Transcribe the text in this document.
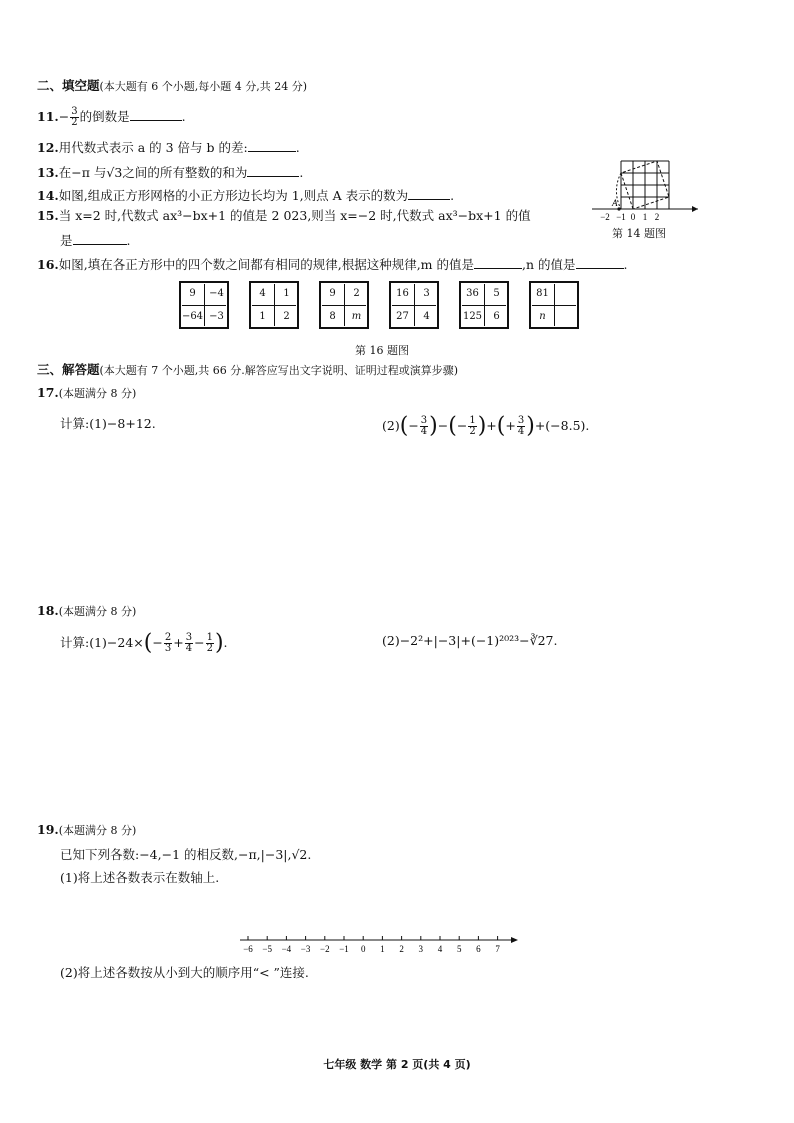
二、填空题(本大题有 6 个小题,每小题 4 分,共 24 分)
$11.- \frac{3}{2}$ 的倒数是	.
12.用代数式表示 a 的 3 倍与 b 的差:	.
13.在−π 与√3之间的所有整数的和为	.
14.如图,组成正方形网格的小正方形边长均为 1,则点 A 表示的数为	.
15.当 x=2 时,代数式 ax³−bx+1 的值是 2 023,则当 x=−2 时,代数式 ax³−bx+1 的值
是	.
A
−2 −1 0 1 2
第 14 题图
16.如图,填在各正方形中的四个数之间都有相同的规律,根据这种规律,m 的值是	,n 的值是	.
9	−4
−64 −3
4	1
1	2
9	2
8	m
16	3
27	4
36	5
125	6
81
n
第 16 题图
三、解答题(本大题有 7 个小题,共 66 分.解答应写出文字说明、证明过程或演算步骤)
17.(本题满分 8 分)
计算:(1)−8+12.	$(2)(- \frac{3}{4}$ )−(− $\frac{1}{2}$ )+(+ $\frac{3}{4} )+(-8.5)$.
18.(本题满分 8 分)
计算:(1)−24×(− $\frac{2}{3} + \frac{3}{4} - \frac{1}{2}$ ).	(2)−2²+|−3|+(−1)²⁰²³−∛27.
19.(本题满分 8 分)
已知下列各数:−4,−1 的相反数,−π,|−3|,√2.
(1)将上述各数表示在数轴上.
−6 −5 −4 −3 −2 −1 0 1 2 3 4 5 6 7
(2)将上述各数按从小到大的顺序用“< ”连接.
七年级 数学 第 2 页(共 4 页)
